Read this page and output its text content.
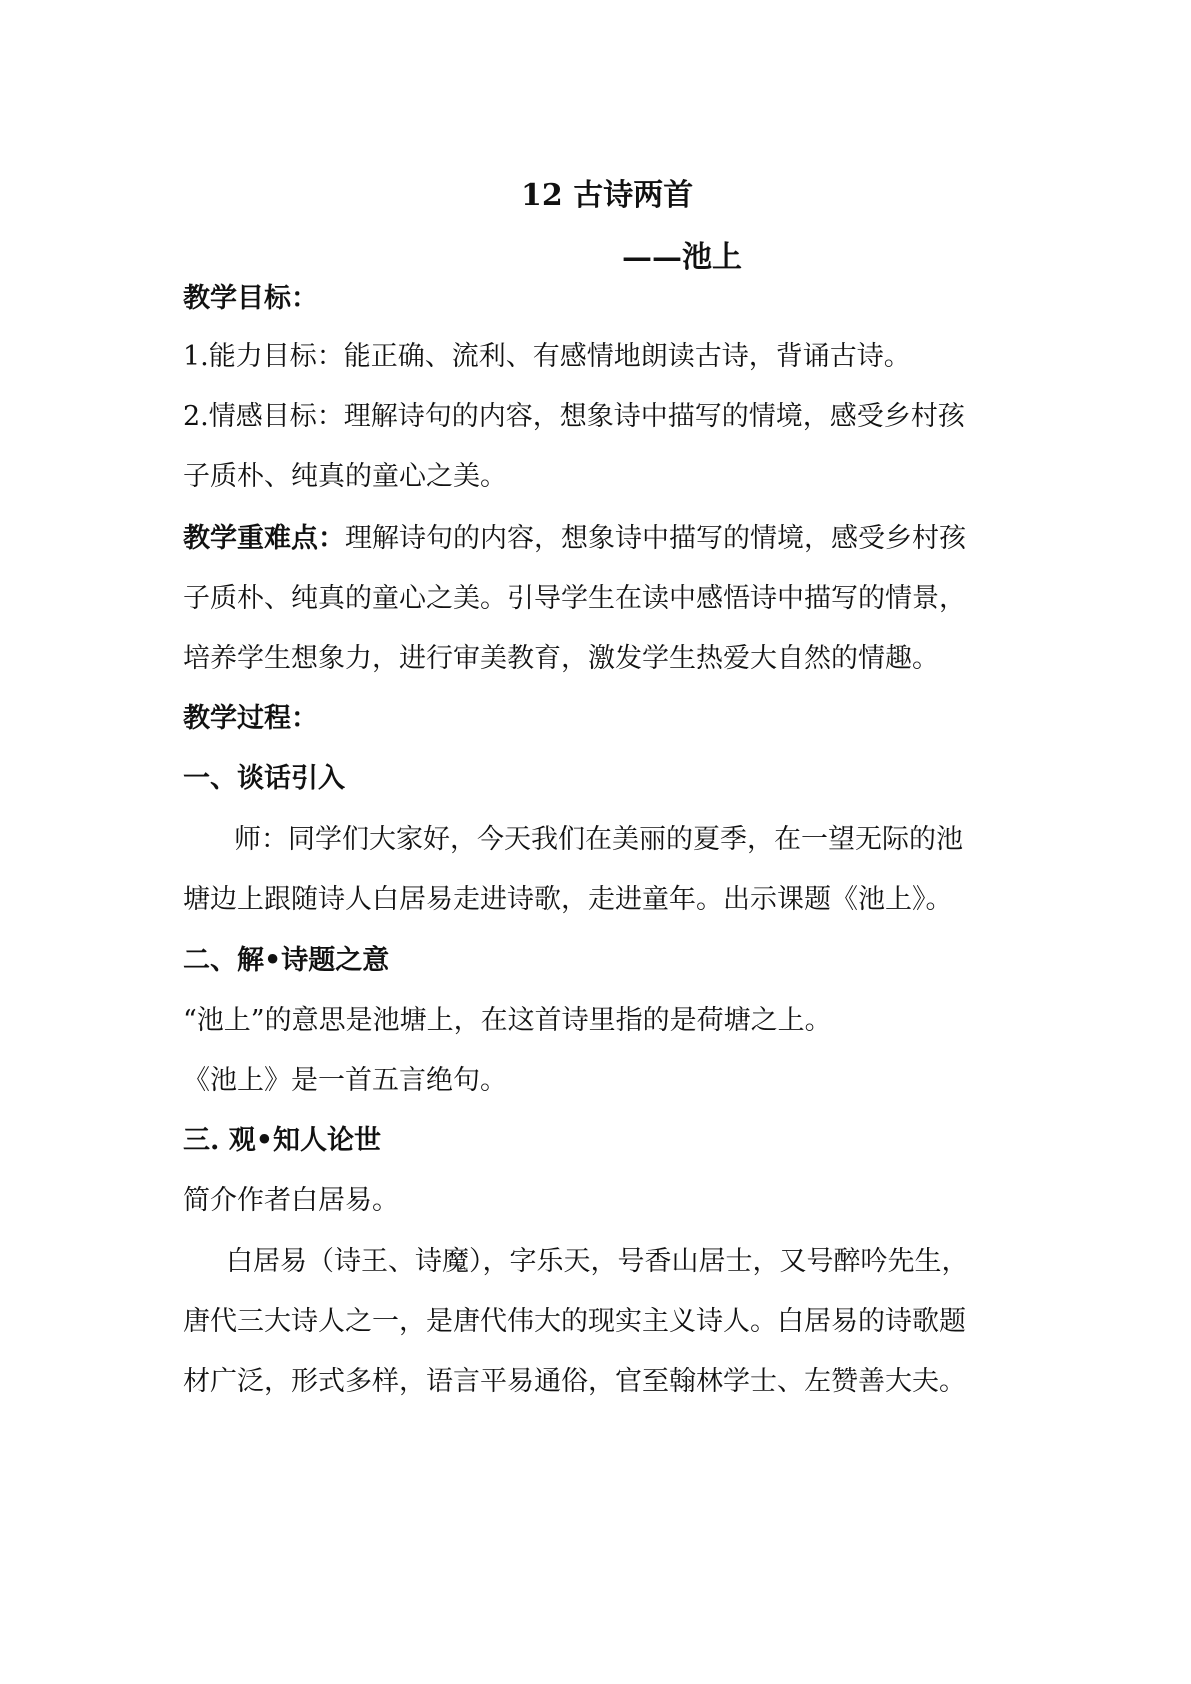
12 古诗两首
——池上
教学目标：
1.能力目标：能正确、流利、有感情地朗读古诗，背诵古诗。
2.情感目标：理解诗句的内容，想象诗中描写的情境，感受乡村孩
子质朴、纯真的童心之美。
教学重难点：理解诗句的内容，想象诗中描写的情境，感受乡村孩
子质朴、纯真的童心之美。引导学生在读中感悟诗中描写的情景，
培养学生想象力，进行审美教育，激发学生热爱大自然的情趣。
教学过程：
一、谈话引入
师：同学们大家好，今天我们在美丽的夏季，在一望无际的池
塘边上跟随诗人白居易走进诗歌，走进童年。出示课题《池上》。
二、解•诗题之意
“池上”的意思是池塘上，在这首诗里指的是荷塘之上。
《池上》是一首五言绝句。
三. 观•知人论世
简介作者白居易。
白居易（诗王、诗魔），字乐天，号香山居士，又号醉吟先生，
唐代三大诗人之一，是唐代伟大的现实主义诗人。白居易的诗歌题
材广泛，形式多样，语言平易通俗，官至翰林学士、左赞善大夫。
